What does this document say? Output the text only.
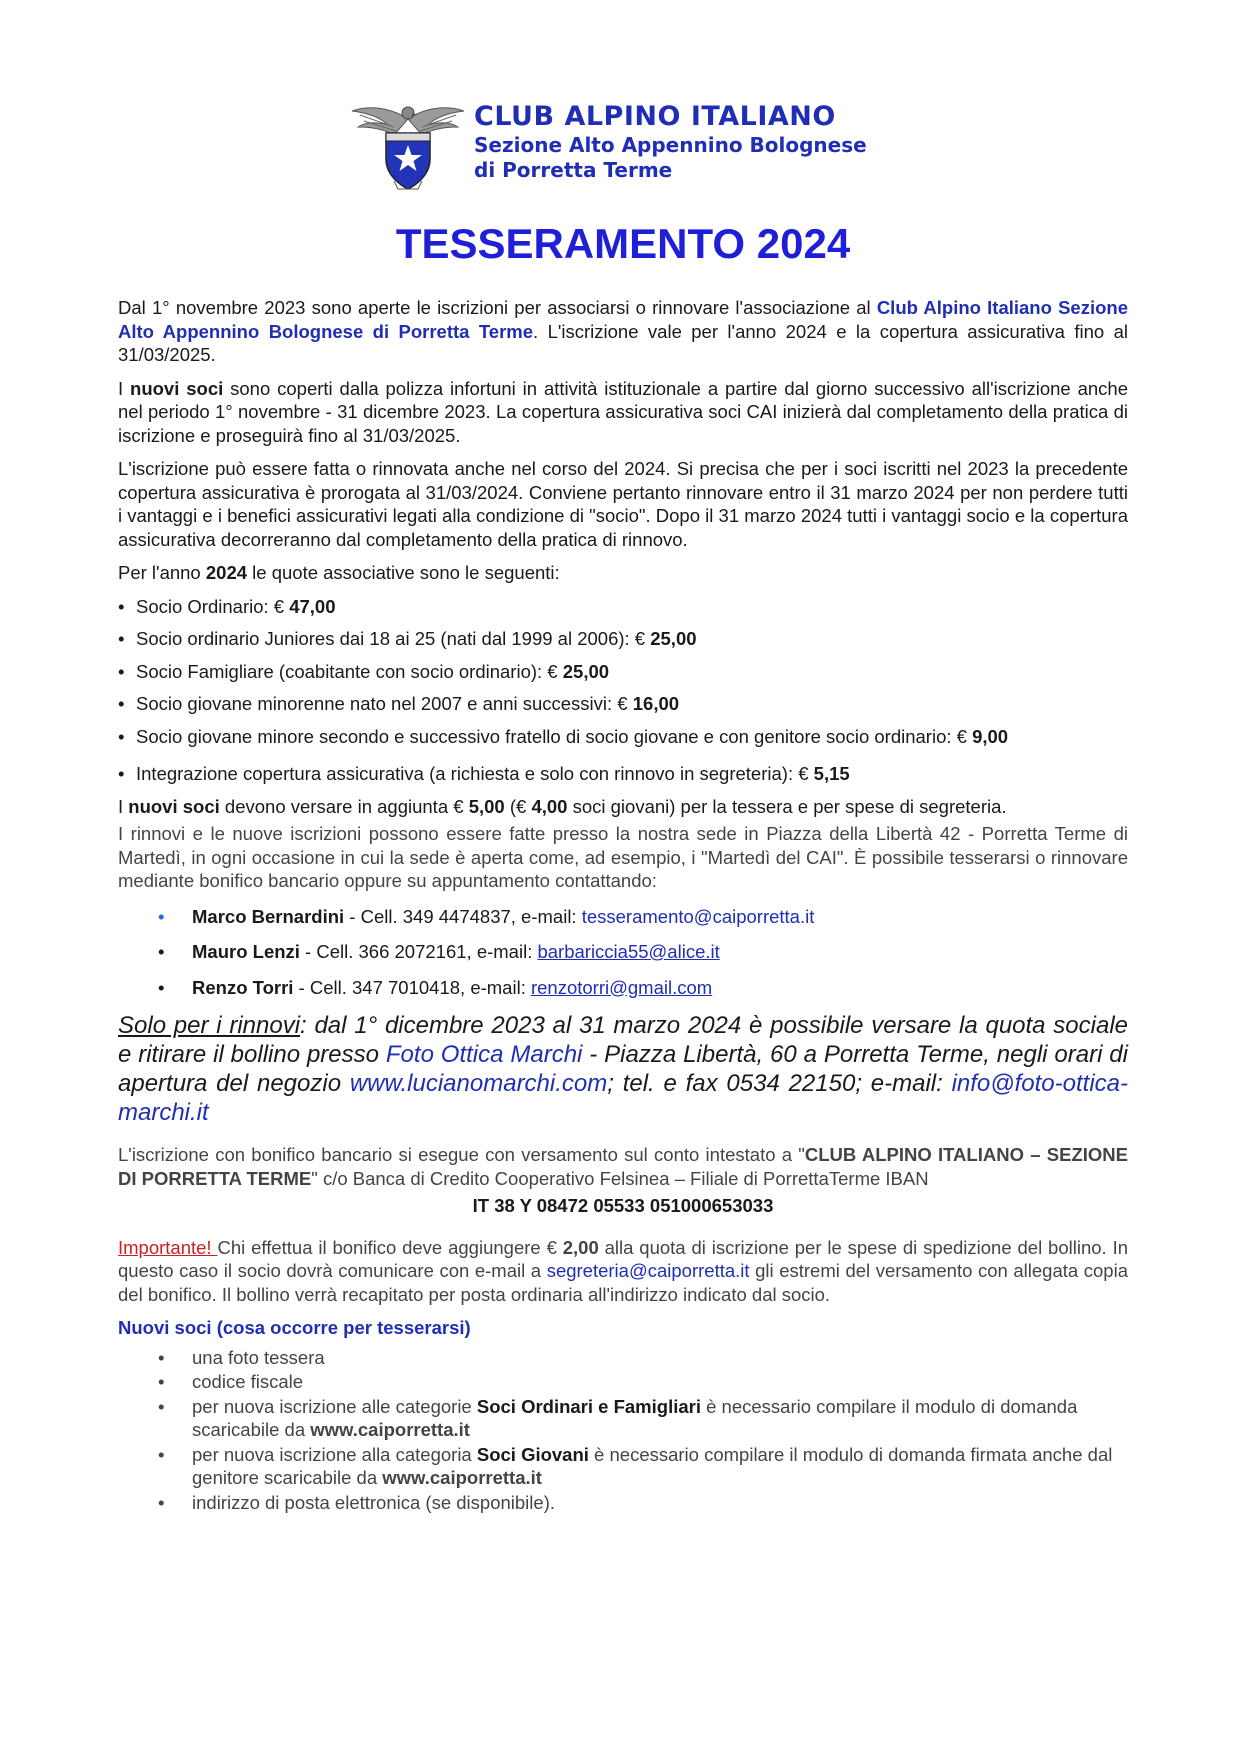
CLUB ALPINO ITALIANO
Sezione Alto Appennino Bolognese
di Porretta Terme
TESSERAMENTO 2024

Dal 1° novembre 2023 sono aperte le iscrizioni per associarsi o rinnovare l'associazione al Club Alpino Italiano Sezione Alto Appennino Bolognese di Porretta Terme. L'iscrizione vale per l'anno 2024 e la copertura assicurativa fino al 31/03/2025.

I nuovi soci sono coperti dalla polizza infortuni in attività istituzionale a partire dal giorno successivo all'iscrizione anche nel periodo 1° novembre - 31 dicembre 2023. La copertura assicurativa soci CAI inizierà dal completamento della pratica di iscrizione e proseguirà fino al 31/03/2025.

L'iscrizione può essere fatta o rinnovata anche nel corso del 2024. Si precisa che per i soci iscritti nel 2023 la precedente copertura assicurativa è prorogata al 31/03/2024. Conviene pertanto rinnovare entro il 31 marzo 2024 per non perdere tutti i vantaggi e i benefici assicurativi legati alla condizione di "socio". Dopo il 31 marzo 2024 tutti i vantaggi socio e la copertura assicurativa decorreranno dal completamento della pratica di rinnovo.

Per l'anno 2024 le quote associative sono le seguenti:

• Socio Ordinario: € 47,00
• Socio ordinario Juniores dai 18 ai 25 (nati dal 1999 al 2006): € 25,00
• Socio Famigliare (coabitante con socio ordinario): € 25,00
• Socio giovane minorenne nato nel 2007 e anni successivi: € 16,00
• Socio giovane minore secondo e successivo fratello di socio giovane e con genitore socio ordinario: € 9,00
• Integrazione copertura assicurativa (a richiesta e solo con rinnovo in segreteria): € 5,15

I nuovi soci devono versare in aggiunta € 5,00 (€ 4,00 soci giovani) per la tessera e per spese di segreteria.

I rinnovi e le nuove iscrizioni possono essere fatte presso la nostra sede in Piazza della Libertà 42 - Porretta Terme di Martedì, in ogni occasione in cui la sede è aperta come, ad esempio, i "Martedì del CAI". È possibile tesserarsi o rinnovare mediante bonifico bancario oppure su appuntamento contattando:

• Marco Bernardini - Cell. 349 4474837, e-mail: tesseramento@caiporretta.it
• Mauro Lenzi - Cell. 366 2072161, e-mail: barbariccia55@alice.it
• Renzo Torri - Cell. 347 7010418, e-mail: renzotorri@gmail.com
Solo per i rinnovi: dal 1° dicembre 2023 al 31 marzo 2024 è possibile versare la quota sociale e ritirare il bollino presso Foto Ottica Marchi - Piazza Libertà, 60 a Porretta Terme, negli orari di apertura del negozio www.lucianomarchi.com; tel. e fax 0534 22150; e-mail: info@foto-ottica-marchi.it

L'iscrizione con bonifico bancario si esegue con versamento sul conto intestato a "CLUB ALPINO ITALIANO – SEZIONE DI PORRETTA TERME" c/o Banca di Credito Cooperativo Felsinea – Filiale di PorrettaTerme IBAN

IT 38 Y 08472 05533 051000653033

Importante! Chi effettua il bonifico deve aggiungere € 2,00 alla quota di iscrizione per le spese di spedizione del bollino. In questo caso il socio dovrà comunicare con e-mail a segreteria@caiporretta.it gli estremi del versamento con allegata copia del bonifico. Il bollino verrà recapitato per posta ordinaria all'indirizzo indicato dal socio.

Nuovi soci (cosa occorre per tesserarsi)
• una foto tessera
• codice fiscale
• per nuova iscrizione alle categorie Soci Ordinari e Famigliari è necessario compilare il modulo di domanda scaricabile da www.caiporretta.it
• per nuova iscrizione alla categoria Soci Giovani è necessario compilare il modulo di domanda firmata anche dal genitore scaricabile da www.caiporretta.it
• indirizzo di posta elettronica (se disponibile).
